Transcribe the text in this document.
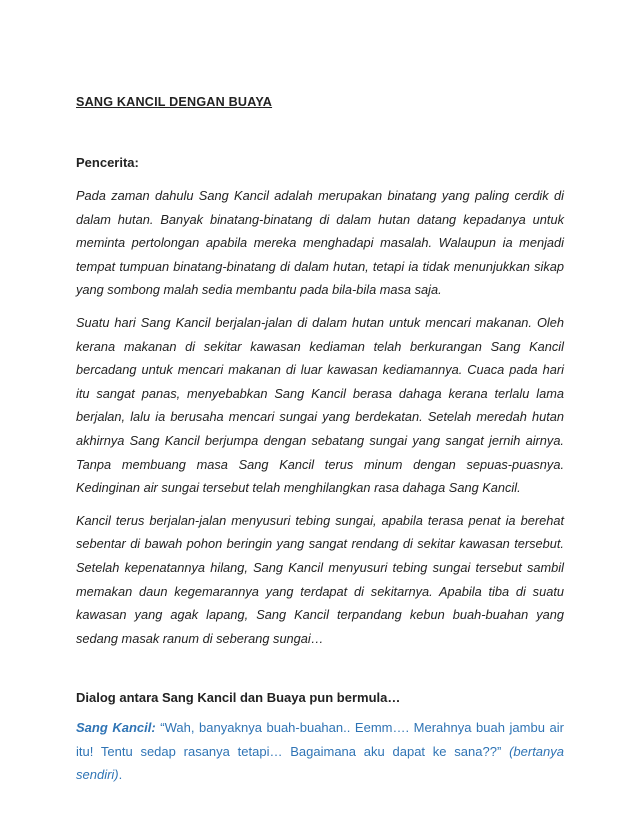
SANG KANCIL DENGAN BUAYA

Pencerita:

Pada zaman dahulu Sang Kancil adalah merupakan binatang yang paling cerdik di dalam hutan. Banyak binatang-binatang di dalam hutan datang kepadanya untuk meminta pertolongan apabila mereka menghadapi masalah. Walaupun ia menjadi tempat tumpuan binatang-binatang di dalam hutan, tetapi ia tidak menunjukkan sikap yang sombong malah sedia membantu pada bila-bila masa saja.

Suatu hari Sang Kancil berjalan-jalan di dalam hutan untuk mencari makanan. Oleh kerana makanan di sekitar kawasan kediaman telah berkurangan Sang Kancil bercadang untuk mencari makanan di luar kawasan kediamannya. Cuaca pada hari itu sangat panas, menyebabkan Sang Kancil berasa dahaga kerana terlalu lama berjalan, lalu ia berusaha mencari sungai yang berdekatan. Setelah meredah hutan akhirnya Sang Kancil berjumpa dengan sebatang sungai yang sangat jernih airnya. Tanpa membuang masa Sang Kancil terus minum dengan sepuas-puasnya. Kedinginan air sungai tersebut telah menghilangkan rasa dahaga Sang Kancil.

Kancil terus berjalan-jalan menyusuri tebing sungai, apabila terasa penat ia berehat sebentar di bawah pohon beringin yang sangat rendang di sekitar kawasan tersebut. Setelah kepenatannya hilang, Sang Kancil menyusuri tebing sungai tersebut sambil memakan daun kegemarannya yang terdapat di sekitarnya. Apabila tiba di suatu kawasan yang agak lapang, Sang Kancil terpandang kebun buah-buahan yang sedang masak ranum di seberang sungai…

Dialog antara Sang Kancil dan Buaya pun bermula…

Sang Kancil: “Wah, banyaknya buah-buahan.. Eemm…. Merahnya buah jambu air itu! Tentu sedap rasanya tetapi… Bagaimana aku dapat ke sana??” (bertanya sendiri).
